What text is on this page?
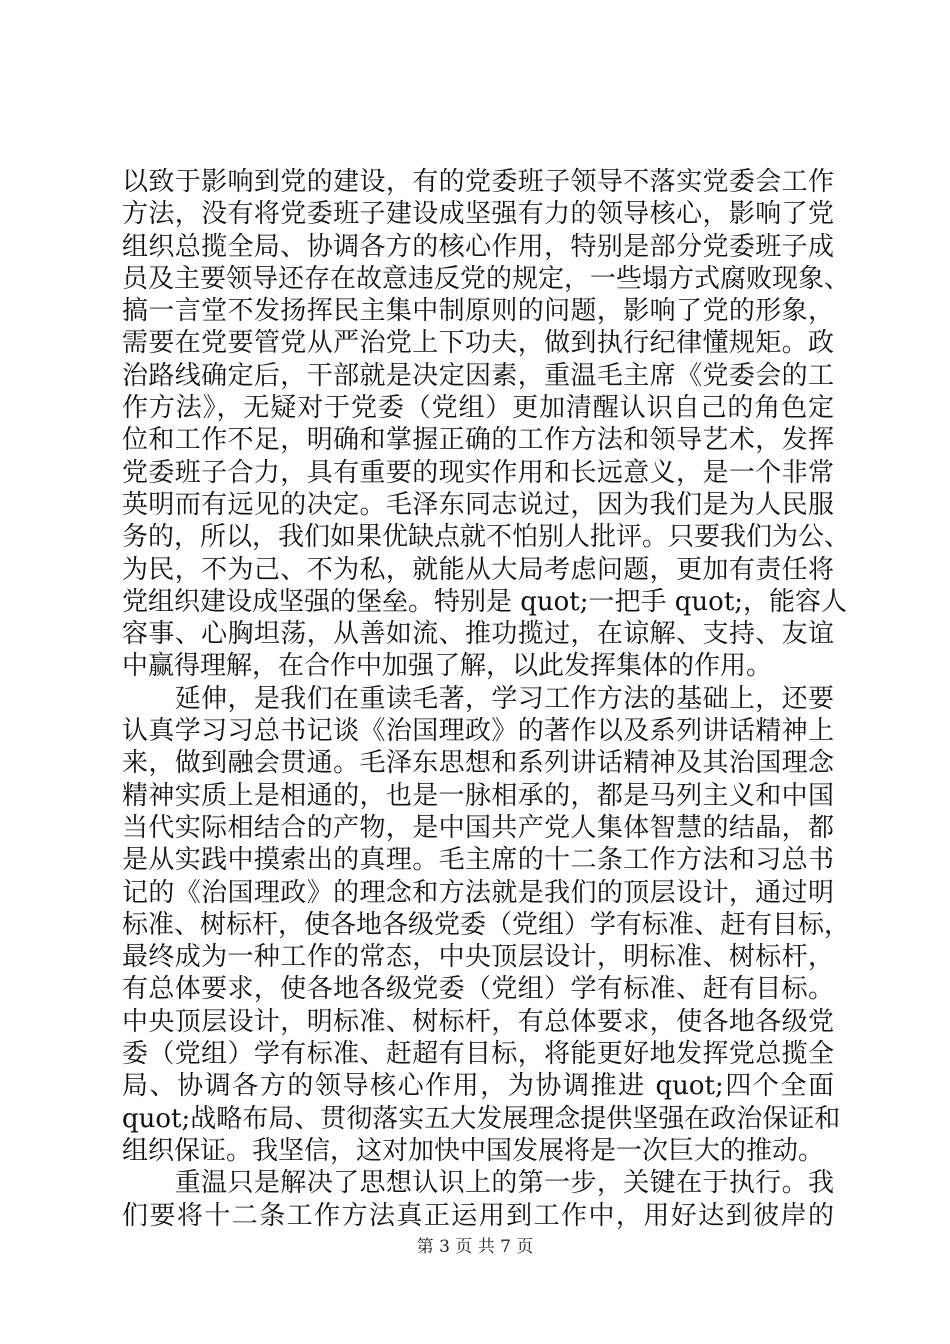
以致于影响到党的建设，有的党委班子领导不落实党委会工作
方法，没有将党委班子建设成坚强有力的领导核心，影响了党
组织总揽全局、协调各方的核心作用，特别是部分党委班子成
员及主要领导还存在故意违反党的规定，一些塌方式腐败现象、
搞一言堂不发扬挥民主集中制原则的问题，影响了党的形象，
需要在党要管党从严治党上下功夫，做到执行纪律懂规矩。政
治路线确定后，干部就是决定因素，重温毛主席《党委会的工
作方法》，无疑对于党委（党组）更加清醒认识自己的角色定
位和工作不足，明确和掌握正确的工作方法和领导艺术，发挥
党委班子合力，具有重要的现实作用和长远意义，是一个非常
英明而有远见的决定。毛泽东同志说过，因为我们是为人民服
务的，所以，我们如果优缺点就不怕别人批评。只要我们为公、
为民，不为己、不为私，就能从大局考虑问题，更加有责任将
党组织建设成坚强的堡垒。特别是 quot;一把手 quot;，能容人
容事、心胸坦荡，从善如流、推功揽过，在谅解、支持、友谊
中赢得理解，在合作中加强了解，以此发挥集体的作用。
　　延伸，是我们在重读毛著，学习工作方法的基础上，还要
认真学习习总书记谈《治国理政》的著作以及系列讲话精神上
来，做到融会贯通。毛泽东思想和系列讲话精神及其治国理念
精神实质上是相通的，也是一脉相承的，都是马列主义和中国
当代实际相结合的产物，是中国共产党人集体智慧的结晶，都
是从实践中摸索出的真理。毛主席的十二条工作方法和习总书
记的《治国理政》的理念和方法就是我们的顶层设计，通过明
标准、树标杆，使各地各级党委（党组）学有标准、赶有目标，
最终成为一种工作的常态，中央顶层设计，明标准、树标杆，
有总体要求，使各地各级党委（党组）学有标准、赶有目标。
中央顶层设计，明标准、树标杆，有总体要求，使各地各级党
委（党组）学有标准、赶超有目标，将能更好地发挥党总揽全
局、协调各方的领导核心作用，为协调推进 quot;四个全面
quot;战略布局、贯彻落实五大发展理念提供坚强在政治保证和
组织保证。我坚信，这对加快中国发展将是一次巨大的推动。
　　重温只是解决了思想认识上的第一步，关键在于执行。我
们要将十二条工作方法真正运用到工作中，用好达到彼岸的
第 3 页 共 7 页
